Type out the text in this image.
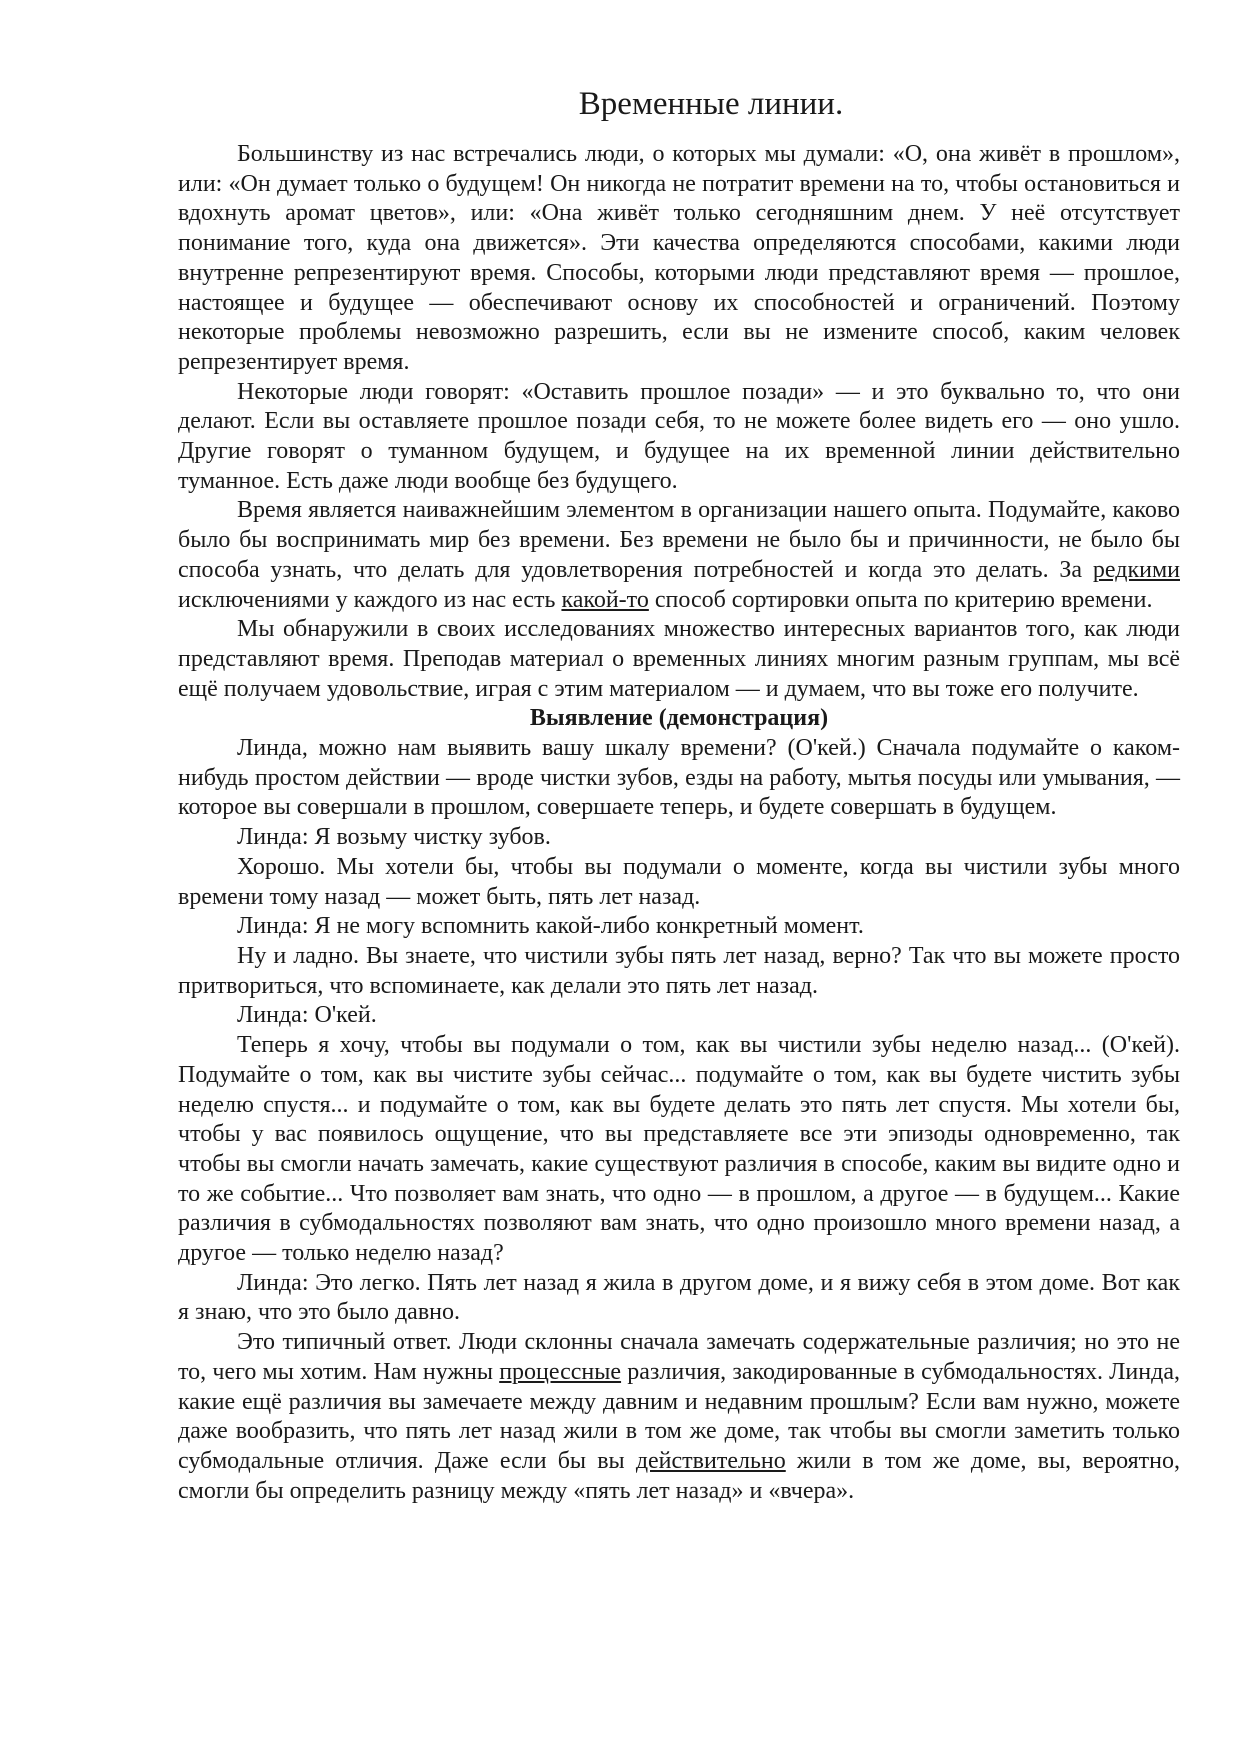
Временные линии.

Большинству из нас встречались люди, о которых мы думали: «О, она живёт в прошлом», или: «Он думает только о будущем! Он никогда не потратит времени на то, чтобы остановиться и вдохнуть аромат цветов», или: «Она живёт только сегодняшним днем. У неё отсутствует понимание того, куда она движется». Эти качества определяются способами, какими люди внутренне репрезентируют время. Способы, которыми люди представляют время — прошлое, настоящее и будущее — обеспечивают основу их способностей и ограничений. Поэтому некоторые проблемы невозможно разрешить, если вы не измените способ, каким человек репрезентирует время.

Некоторые люди говорят: «Оставить прошлое позади» — и это буквально то, что они делают. Если вы оставляете прошлое позади себя, то не можете более видеть его — оно ушло. Другие говорят о туманном будущем, и будущее на их временной линии действительно туманное. Есть даже люди вообще без будущего.

Время является наиважнейшим элементом в организации нашего опыта. Подумайте, каково было бы воспринимать мир без времени. Без времени не было бы и причинности, не было бы способа узнать, что делать для удовлетворения потребностей и когда это делать. За редкими исключениями у каждого из нас есть какой-то способ сортировки опыта по критерию времени.

Мы обнаружили в своих исследованиях множество интересных вариантов того, как люди представляют время. Преподав материал о временных линиях многим разным группам, мы всё ещё получаем удовольствие, играя с этим материалом — и думаем, что вы тоже его получите.

Выявление (демонстрация)

Линда, можно нам выявить вашу шкалу времени? (О'кей.) Сначала подумайте о каком-нибудь простом действии — вроде чистки зубов, езды на работу, мытья посуды или умывания, — которое вы совершали в прошлом, совершаете теперь, и будете совершать в будущем.

Линда: Я возьму чистку зубов.

Хорошо. Мы хотели бы, чтобы вы подумали о моменте, когда вы чистили зубы много времени тому назад — может быть, пять лет назад.

Линда: Я не могу вспомнить какой-либо конкретный момент.

Ну и ладно. Вы знаете, что чистили зубы пять лет назад, верно? Так что вы можете просто притвориться, что вспоминаете, как делали это пять лет назад.

Линда: О'кей.

Теперь я хочу, чтобы вы подумали о том, как вы чистили зубы неделю назад... (О'кей). Подумайте о том, как вы чистите зубы сейчас... подумайте о том, как вы будете чистить зубы неделю спустя... и подумайте о том, как вы будете делать это пять лет спустя. Мы хотели бы, чтобы у вас появилось ощущение, что вы представляете все эти эпизоды одновременно, так чтобы вы смогли начать замечать, какие существуют различия в способе, каким вы видите одно и то же событие... Что позволяет вам знать, что одно — в прошлом, а другое — в будущем... Какие различия в субмодальностях позволяют вам знать, что одно произошло много времени назад, а другое — только неделю назад?

Линда: Это легко. Пять лет назад я жила в другом доме, и я вижу себя в этом доме. Вот как я знаю, что это было давно.

Это типичный ответ. Люди склонны сначала замечать содержательные различия; но это не то, чего мы хотим. Нам нужны процессные различия, закодированные в субмодальностях. Линда, какие ещё различия вы замечаете между давним и недавним прошлым? Если вам нужно, можете даже вообразить, что пять лет назад жили в том же доме, так чтобы вы смогли заметить только субмодальные отличия. Даже если бы вы действительно жили в том же доме, вы, вероятно, смогли бы определить разницу между «пять лет назад» и «вчера».
